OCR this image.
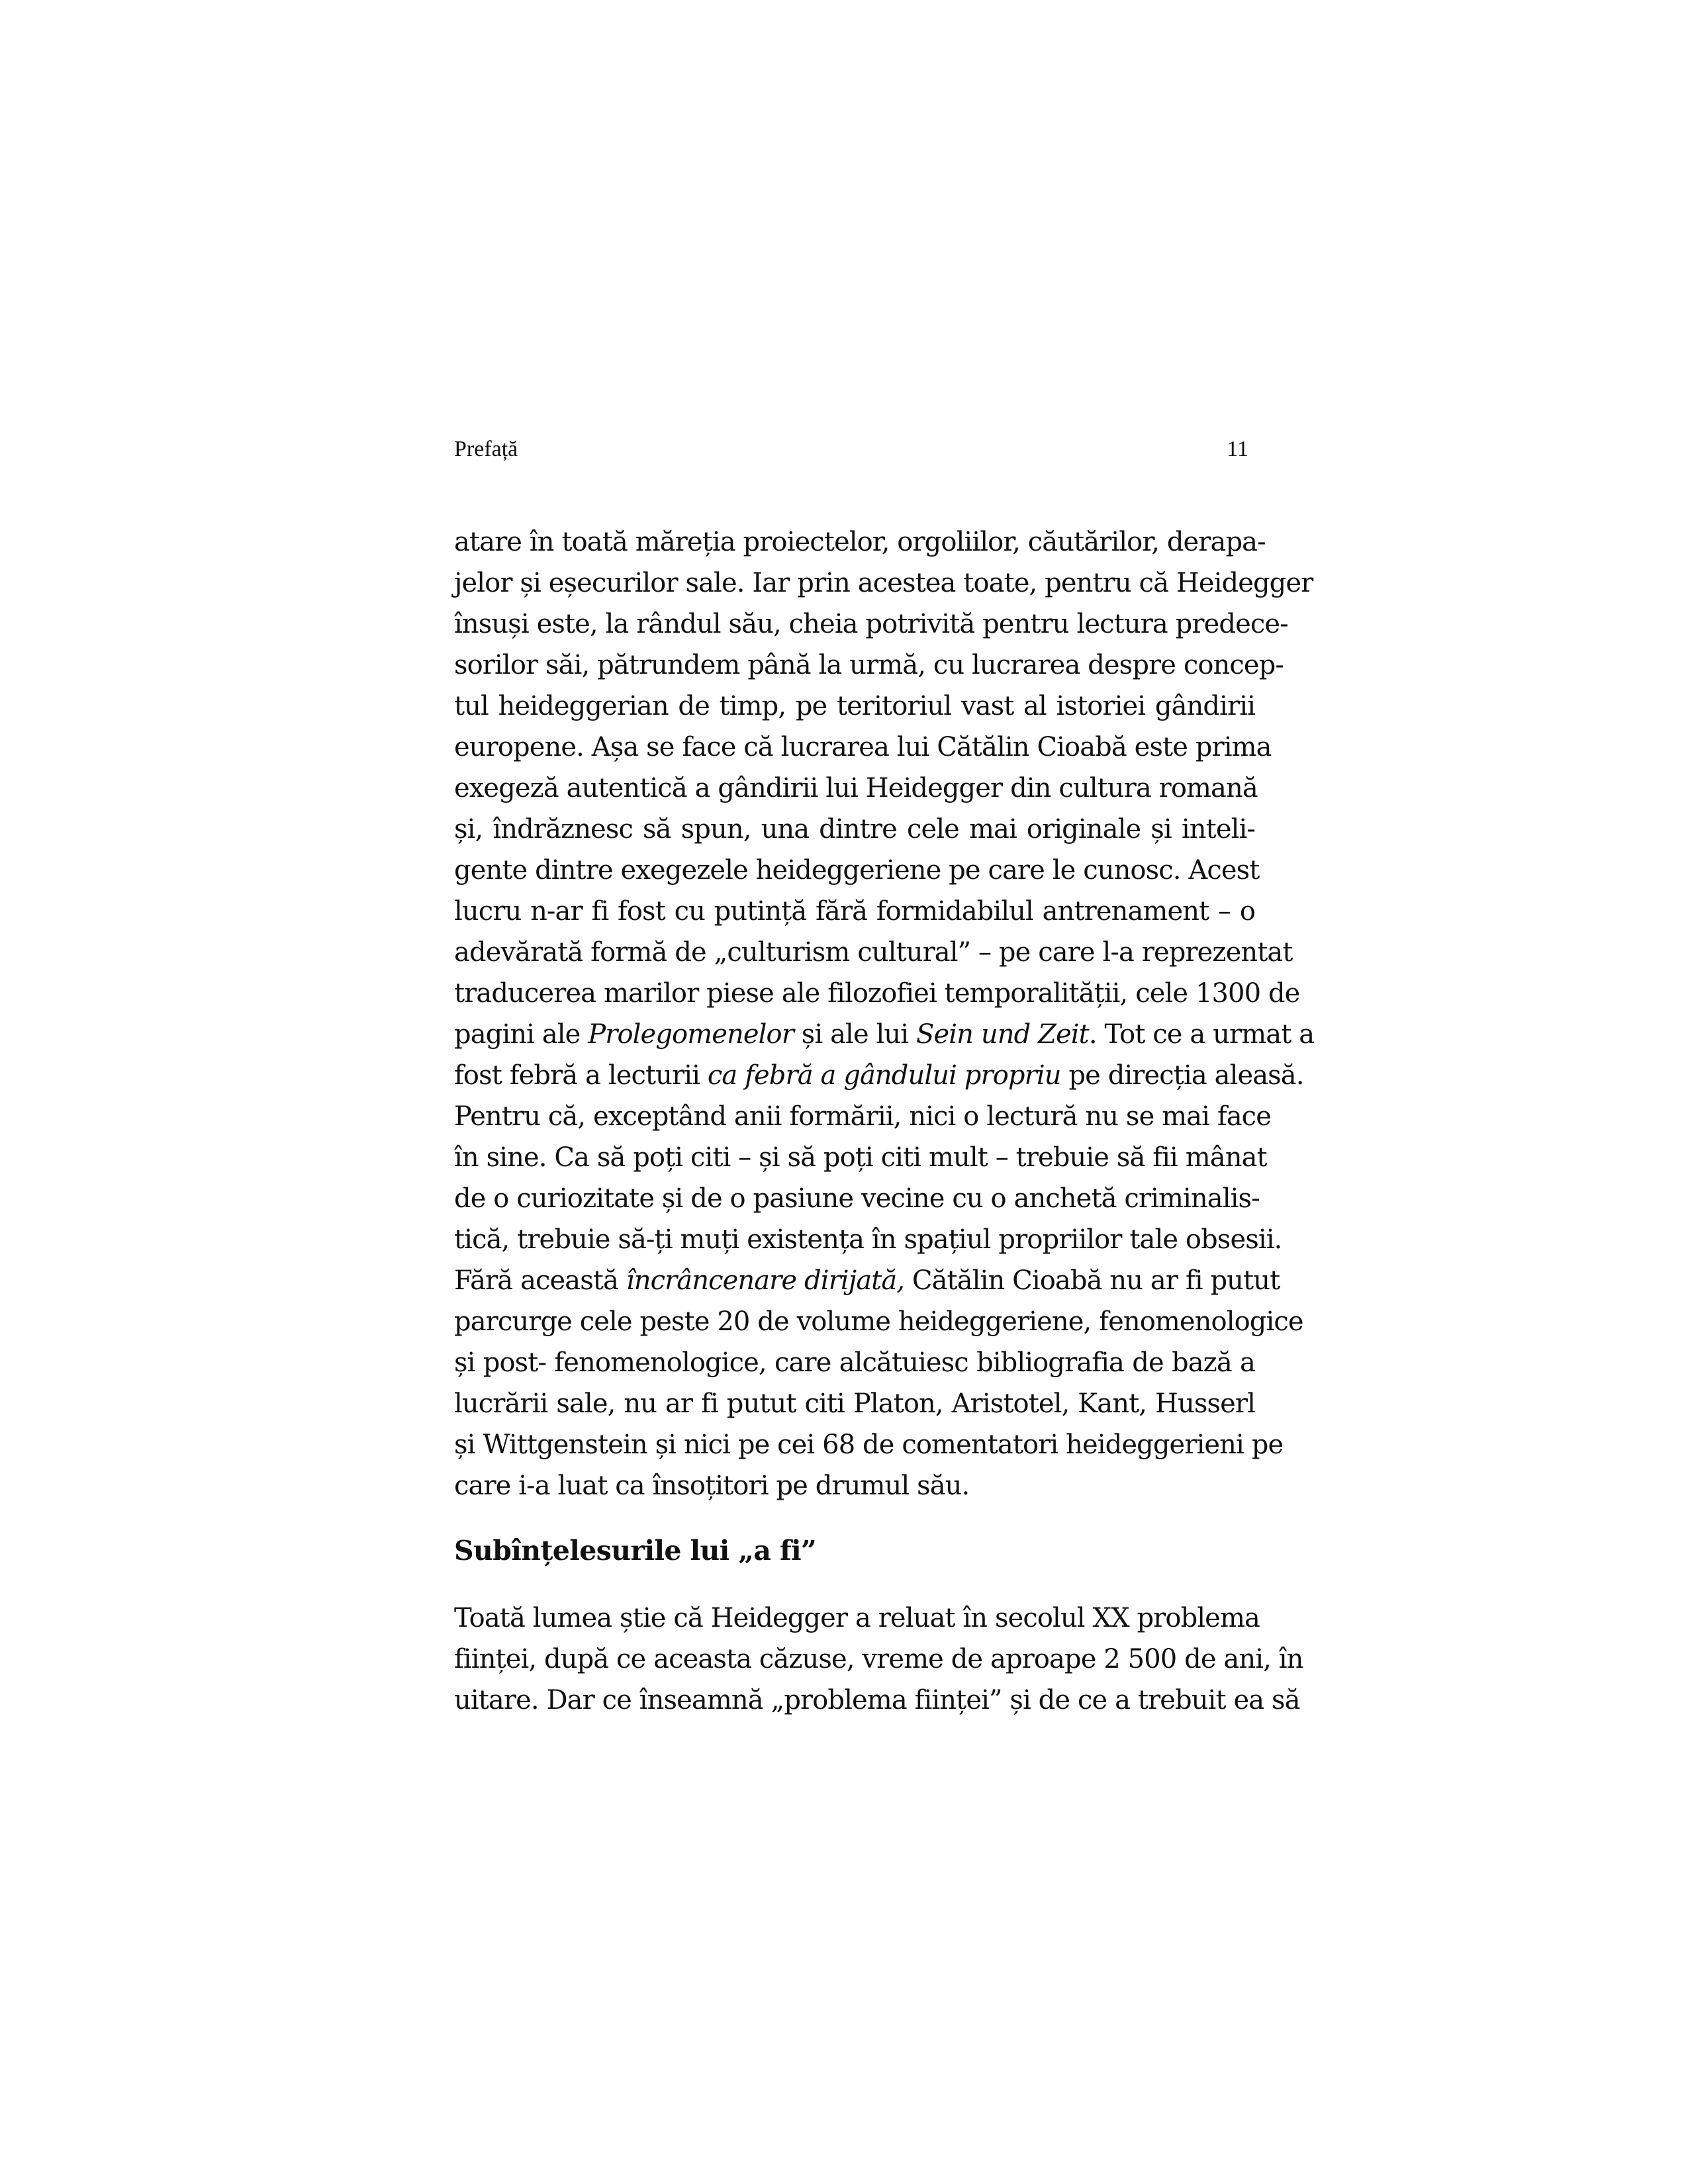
Prefață	11
atare în toată măreția proiectelor, orgoliilor, căutărilor, derapa-
jelor și eșecurilor sale. Iar prin acestea toate, pentru că Heidegger
însuși este, la rândul său, cheia potrivită pentru lectura predece-
sorilor săi, pătrundem până la urmă, cu lucrarea despre concep-
tul heideggerian de timp, pe teritoriul vast al istoriei gândirii
europene. Așa se face că lucrarea lui Cătălin Cioabă este prima
exegeză autentică a gândirii lui Heidegger din cultura romană
și, îndrăznesc să spun, una dintre cele mai originale și inteli-
gente dintre exegezele heideggeriene pe care le cunosc. Acest
lucru n-ar fi fost cu putință fără formidabilul antrenament – o
adevărată formă de „culturism cultural” – pe care l-a reprezentat
traducerea marilor piese ale filozofiei temporalității, cele 1300 de
pagini ale Prolegomenelor și ale lui Sein und Zeit. Tot ce a urmat a
fost febră a lecturii ca febră a gândului propriu pe direcția aleasă.
Pentru că, exceptând anii formării, nici o lectură nu se mai face
în sine. Ca să poți citi – și să poți citi mult – trebuie să fii mânat
de o curiozitate și de o pasiune vecine cu o anchetă criminalis-
tică, trebuie să-ți muți existența în spațiul propriilor tale obsesii.
Fără această încrâncenare dirijată, Cătălin Cioabă nu ar fi putut
parcurge cele peste 20 de volume heideggeriene, fenomenologice
și post- fenomenologice, care alcătuiesc bibliografia de bază a
lucrării sale, nu ar fi putut citi Platon, Aristotel, Kant, Husserl
și Wittgenstein și nici pe cei 68 de comentatori heideggerieni pe
care i-a luat ca însoțitori pe drumul său.
Subînțelesurile lui „a fi”
Toată lumea știe că Heidegger a reluat în secolul XX problema
ființei, după ce aceasta căzuse, vreme de aproape 2 500 de ani, în
uitare. Dar ce înseamnă „problema ființei” și de ce a trebuit ea să
